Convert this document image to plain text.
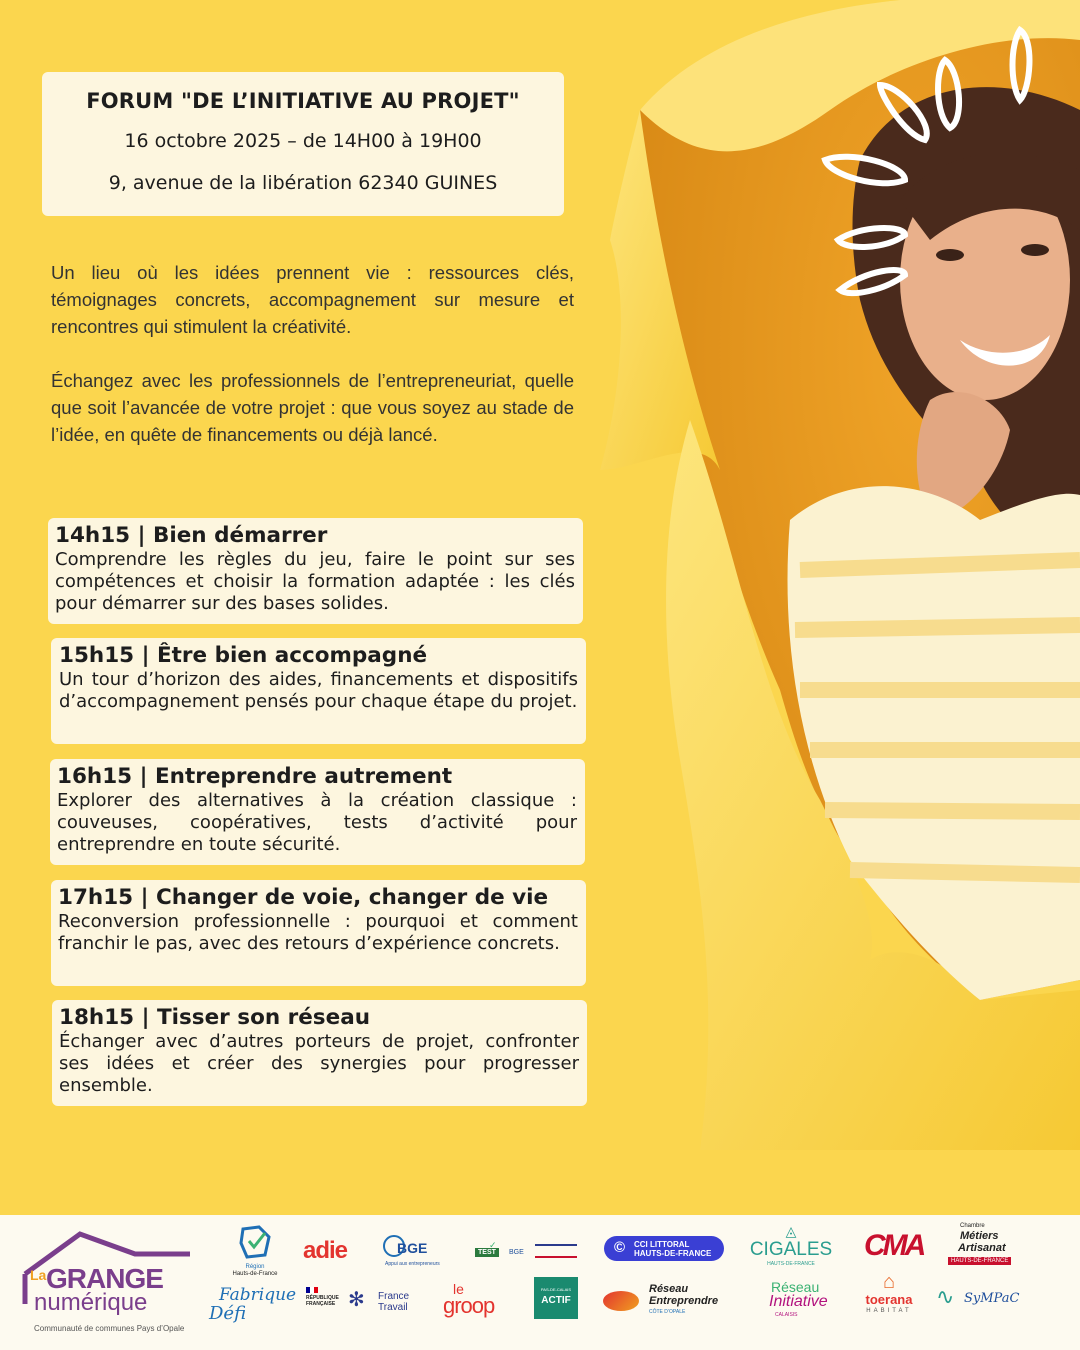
FORUM "DE L’INITIATIVE AU PROJET"
16 octobre 2025 – de 14H00 à 19H00
9, avenue de la libération 62340 GUINES

Un lieu où les idées prennent vie : ressources clés, témoignages concrets, accompagnement sur mesure et rencontres qui stimulent la créativité.

Échangez avec les professionnels de l’entrepreneuriat, quelle que soit l’avancée de votre projet : que vous soyez au stade de l’idée, en quête de financements ou déjà lancé.

14h15 | Bien démarrer
Comprendre les règles du jeu, faire le point sur ses compétences et choisir la formation adaptée : les clés pour démarrer sur des bases solides.
15h15 | Être bien accompagné
Un tour d’horizon des aides, financements et dispositifs d’accompagnement pensés pour chaque étape du projet.
16h15 | Entreprendre autrement
Explorer des alternatives à la création classique : couveuses, coopératives, tests d’activité pour entreprendre en toute sécurité.
17h15 | Changer de voie, changer de vie
Reconversion professionnelle : pourquoi et comment franchir le pas, avec des retours d’expérience concrets.
18h15 | Tisser son réseau
Échanger avec d’autres porteurs de projet, confronter ses idées et créer des synergies pour progresser ensemble.
La GRANGE
numérique
Communauté de communes Pays d’Opale
Région
Hauts-de-France
adie	BGE
Appui aux entrepreneurs
TEST
✓
BGE	© CCI LITTORAL
HAUTS-DE-FRANCE
◬
CIGALES
HAUTS-DE-FRANCE
CMA
Chambre
Métiers
Artisanat
HAUTS-DE-FRANCE
Fabrique
Défi
RÉPUBLIQUE
FRANÇAISE ✻ France
Travail
le
groop
PAS-DE-CALAIS
ACTIF
Réseau
Entreprendre
CÔTE D’OPALE
Réseau
Initiative
CALAISIS
⌂
toerana
HABITAT
∿ SyMPaC
